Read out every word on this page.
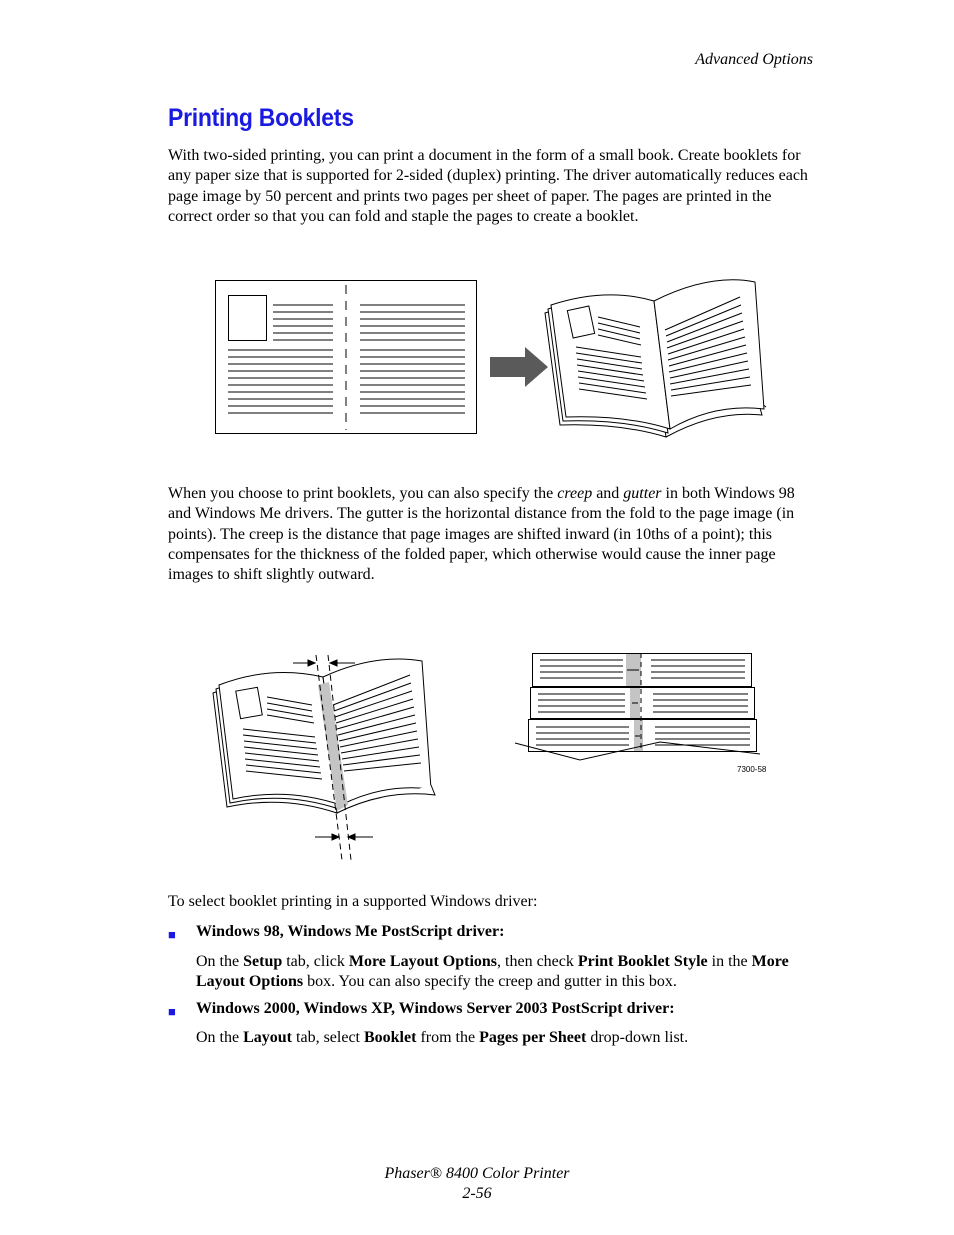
Advanced Options
Printing Booklets

With two-sided printing, you can print a document in the form of a small book. Create booklets for any paper size that is supported for 2-sided (duplex) printing. The driver automatically reduces each page image by 50 percent and prints two pages per sheet of paper. The pages are printed in the correct order so that you can fold and staple the pages to create a booklet.

When you choose to print booklets, you can also specify the creep and gutter in both Windows 98 and Windows Me drivers. The gutter is the horizontal distance from the fold to the page image (in points). The creep is the distance that page images are shifted inward (in 10ths of a point); this compensates for the thickness of the folded paper, which otherwise would cause the inner page images to shift slightly outward.

7300-58

To select booklet printing in a supported Windows driver:

■ Windows 98, Windows Me PostScript driver:

On the Setup tab, click More Layout Options, then check Print Booklet Style in the More Layout Options box. You can also specify the creep and gutter in this box.

■ Windows 2000, Windows XP, Windows Server 2003 PostScript driver:

On the Layout tab, select Booklet from the Pages per Sheet drop-down list.

Phaser® 8400 Color Printer
2-56
